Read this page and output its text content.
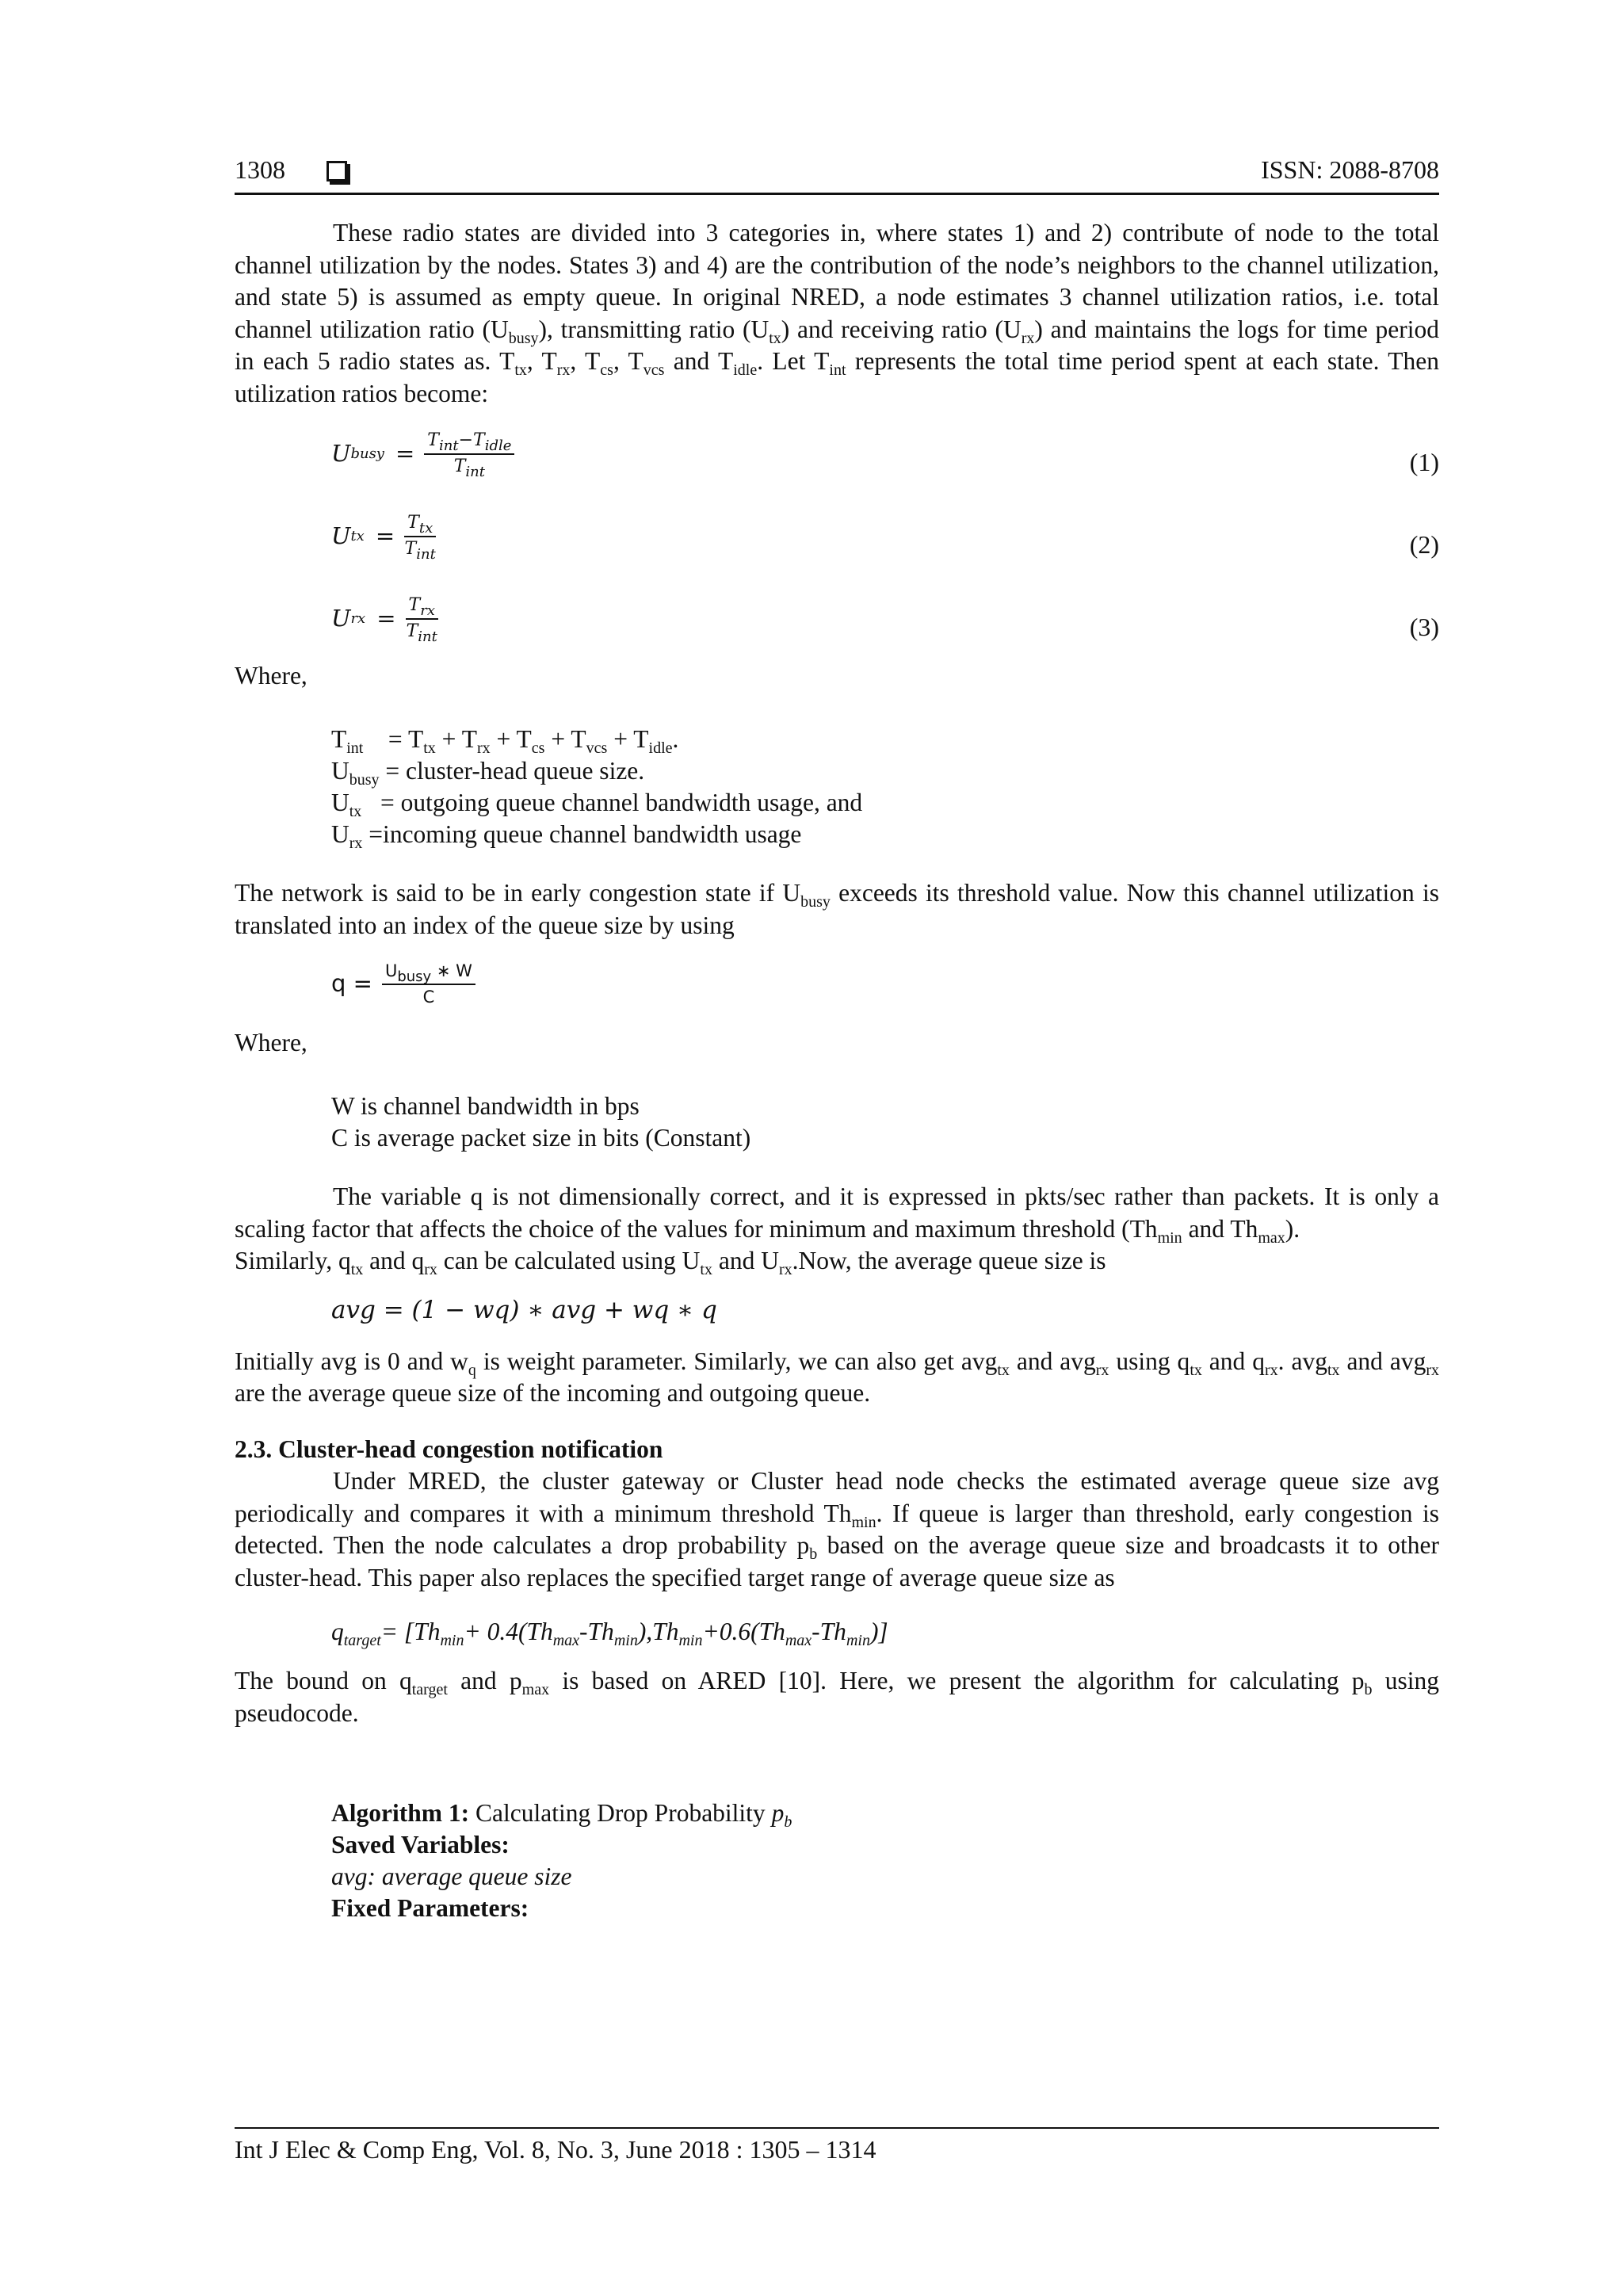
1308	ISSN: 2088-8708

These radio states are divided into 3 categories in, where states 1) and 2) contribute of node to the total channel utilization by the nodes. States 3) and 4) are the contribution of the node’s neighbors to the channel utilization, and state 5) is assumed as empty queue. In original NRED, a node estimates 3 channel utilization ratios, i.e. total channel utilization ratio $(U_{busy})$, transmitting ratio $(U_{tx})$ and receiving ratio $(U_{rx})$ and maintains the logs for time period in each 5 radio states as. $T_{tx}$, $T_{rx}$, $T_{cs}$, $T_{vcs}$ and $T_{idle}$. Let $T_{int}$ represents the total time period spent at each state. Then utilization ratios become:

U busy = $\frac{T_{int}-T_{idle}}{T_{int}}$	(1)
U tx = $\frac{T_{tx}}{T_{int}}$	(2)
U rx = $\frac{T_{rx}}{T_{int}}$	(3)
Where,
$T_{int}$    = $T_{tx} + T_{rx} + T_{cs} + T_{vcs} + T_{idle}$.
$U_{busy}$ = cluster-head queue size.
$U_{tx}$   = outgoing queue channel bandwidth usage, and
$U_{rx}$ =incoming queue channel bandwidth usage

The network is said to be in early congestion state if $U_{busy}$ exceeds its threshold value. Now this channel utilization is translated into an index of the queue size by using

$q = \frac{\text{Ubusy ∗ W}}{C}$
Where,
W is channel bandwidth in bps
C is average packet size in bits (Constant)

The variable q is not dimensionally correct, and it is expressed in pkts/sec rather than packets. It is only a scaling factor that affects the choice of the values for minimum and maximum threshold ($Th_{min}$ and $Th_{max}$).

Similarly, $q_{tx}$ and $q_{rx}$ can be calculated using $U_{tx}$ and $U_{rx}.Now$, the average queue size is

avg = (1 − wq) ∗ avg + wq ∗ q

Initially avg is 0 and $w_q$ is weight parameter. Similarly, we can also get avg$_{tx}$ and avg$_{rx}$ using $q_{tx}$ and $q_{rx}$. avg$_{tx}$ and avg$_{rx}$ are the average queue size of the incoming and outgoing queue.

2.3. Cluster-head congestion notification

Under MRED, the cluster gateway or Cluster head node checks the estimated average queue size avg periodically and compares it with a minimum threshold $Th_{min}$. If queue is larger than threshold, early congestion is detected. Then the node calculates a drop probability $p_b$ based on the average queue size and broadcasts it to other cluster-head. This paper also replaces the specified target range of average queue size as

$q_{target}= [Th_{min}+ 0.4(Th_{max}-Th_{min}),Th_{min}+0.6(Th_{max}-Th_{min})]$

The bound on $q_{target}$ and $p_{max}$ is based on ARED [10]. Here, we present the algorithm for calculating $p_b$ using pseudocode.

Algorithm 1: Calculating Drop Probability $p_b$
Saved Variables:
avg: average queue size
Fixed Parameters:
Int J Elec & Comp Eng, Vol. 8, No. 3, June 2018 : 1305 – 1314
